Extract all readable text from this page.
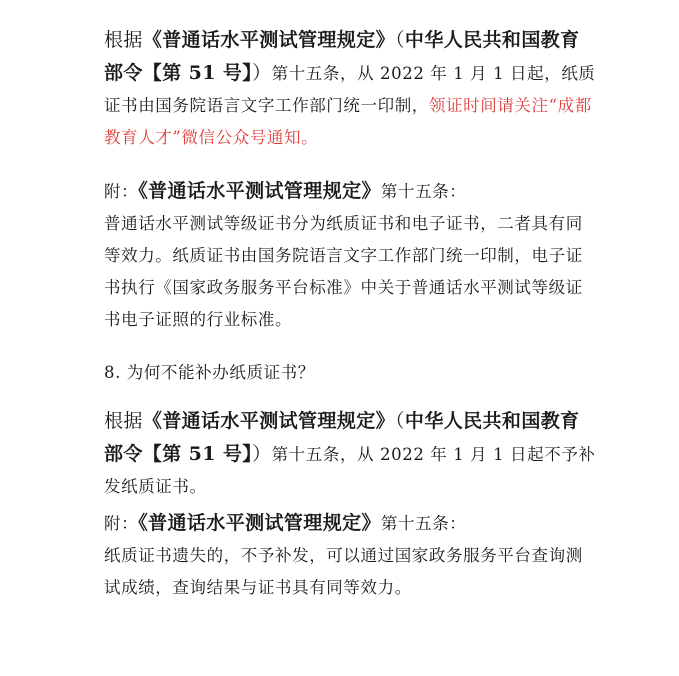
根据《普通话水平测试管理规定》（中华人民共和国教育部令【第 51 号】）第十五条，从 2022 年 1 月 1 日起，纸质证书由国务院语言文字工作部门统一印制，领证时间请关注“成都教育人才”微信公众号通知。

附：《普通话水平测试管理规定》第十五条：

普通话水平测试等级证书分为纸质证书和电子证书，二者具有同等效力。纸质证书由国务院语言文字工作部门统一印制，电子证书执行《国家政务服务平台标准》中关于普通话水平测试等级证书电子证照的行业标准。

8. 为何不能补办纸质证书？

根据《普通话水平测试管理规定》（中华人民共和国教育部令【第 51 号】）第十五条，从 2022 年 1 月 1 日起不予补发纸质证书。

附：《普通话水平测试管理规定》第十五条：

纸质证书遗失的，不予补发，可以通过国家政务服务平台查询测试成绩，查询结果与证书具有同等效力。
